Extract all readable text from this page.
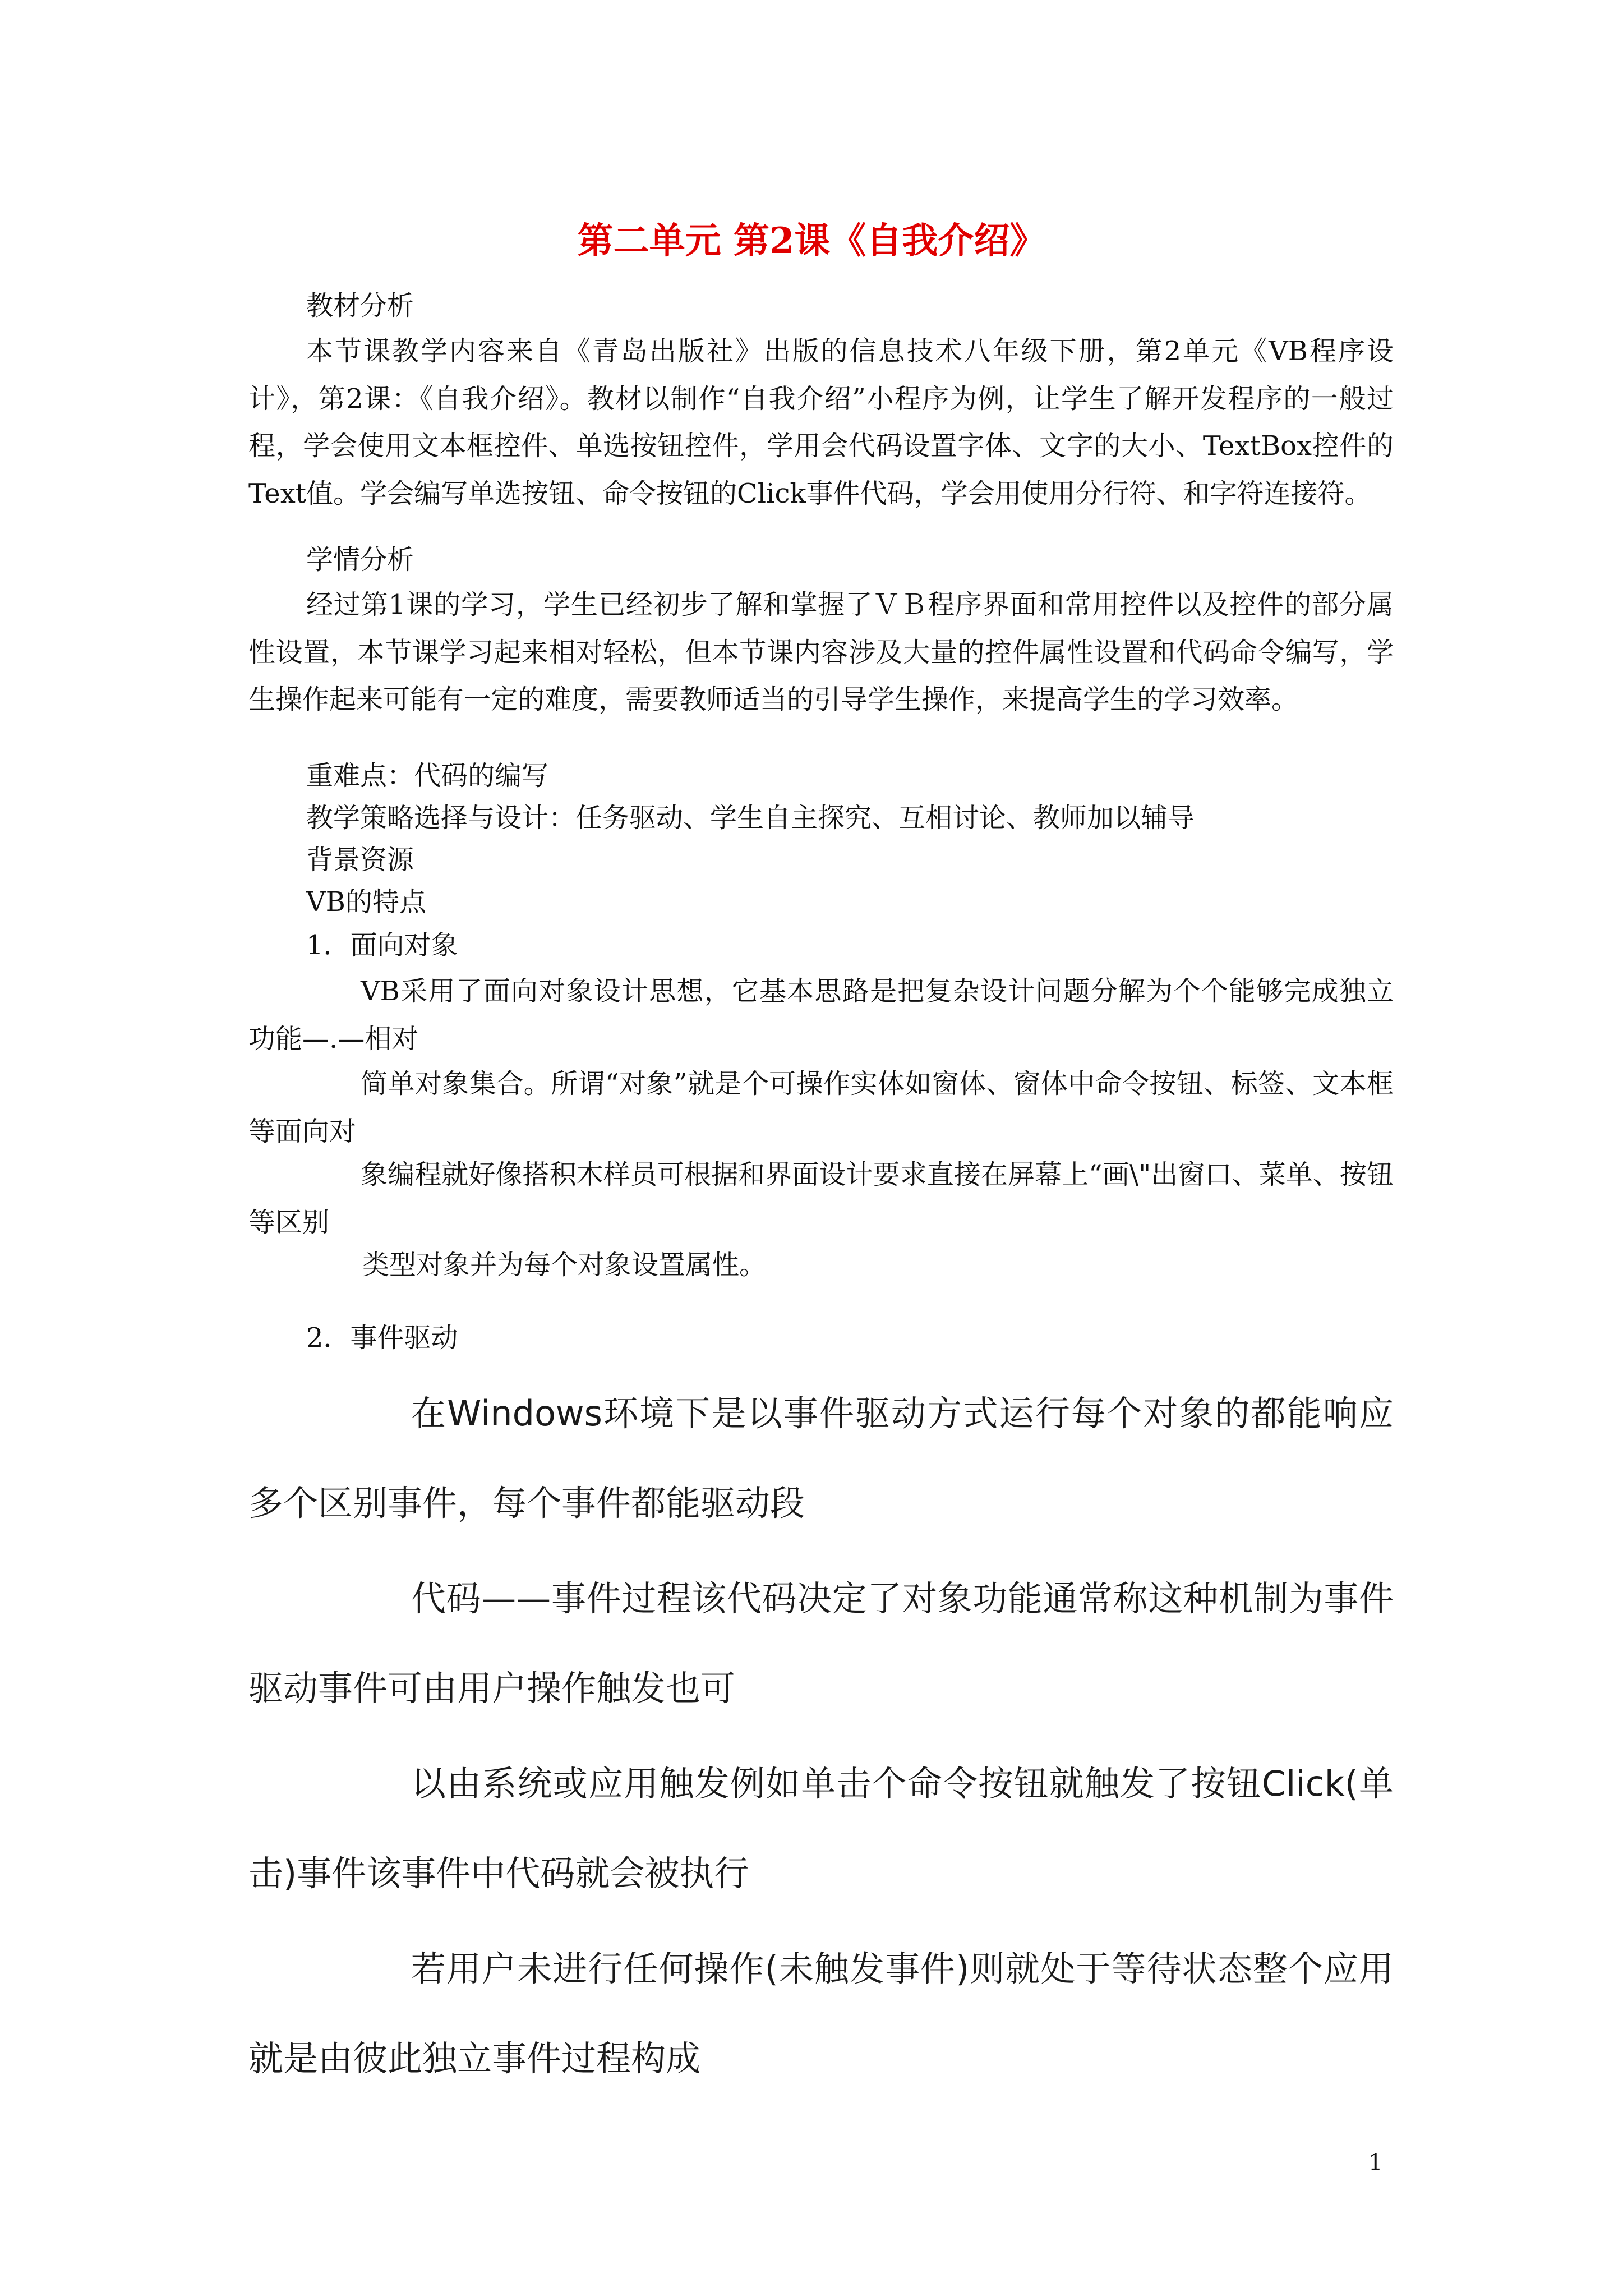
第二单元 第2课《自我介绍》

教材分析

本节课教学内容来自《青岛出版社》出版的信息技术八年级下册，第2单元《VB程序设计》，第2课：《自我介绍》。教材以制作“自我介绍”小程序为例，让学生了解开发程序的一般过程，学会使用文本框控件、单选按钮控件，学用会代码设置字体、文字的大小、TextBox控件的Text值。学会编写单选按钮、命令按钮的Click事件代码，学会用使用分行符、和字符连接符。

学情分析

经过第1课的学习，学生已经初步了解和掌握了ＶＢ程序界面和常用控件以及控件的部分属性设置，本节课学习起来相对轻松，但本节课内容涉及大量的控件属性设置和代码命令编写，学生操作起来可能有一定的难度，需要教师适当的引导学生操作，来提高学生的学习效率。

重难点：代码的编写

教学策略选择与设计：任务驱动、学生自主探究、互相讨论、教师加以辅导

背景资源

VB的特点

1．面向对象

VB采用了面向对象设计思想，它基本思路是把复杂设计问题分解为个个能够完成独立功能—.—相对

简单对象集合。所谓“对象”就是个可操作实体如窗体、窗体中命令按钮、标签、文本框等面向对

象编程就好像搭积木样员可根据和界面设计要求直接在屏幕上“画\"出窗口、菜单、按钮等区别

类型对象并为每个对象设置属性。

2．事件驱动

在Windows环境下是以事件驱动方式运行每个对象的都能响应多个区别事件，每个事件都能驱动段

代码——事件过程该代码决定了对象功能通常称这种机制为事件驱动事件可由用户操作触发也可

以由系统或应用触发例如单击个命令按钮就触发了按钮Click(单击)事件该事件中代码就会被执行

若用户未进行任何操作(未触发事件)则就处于等待状态整个应用就是由彼此独立事件过程构成

1
